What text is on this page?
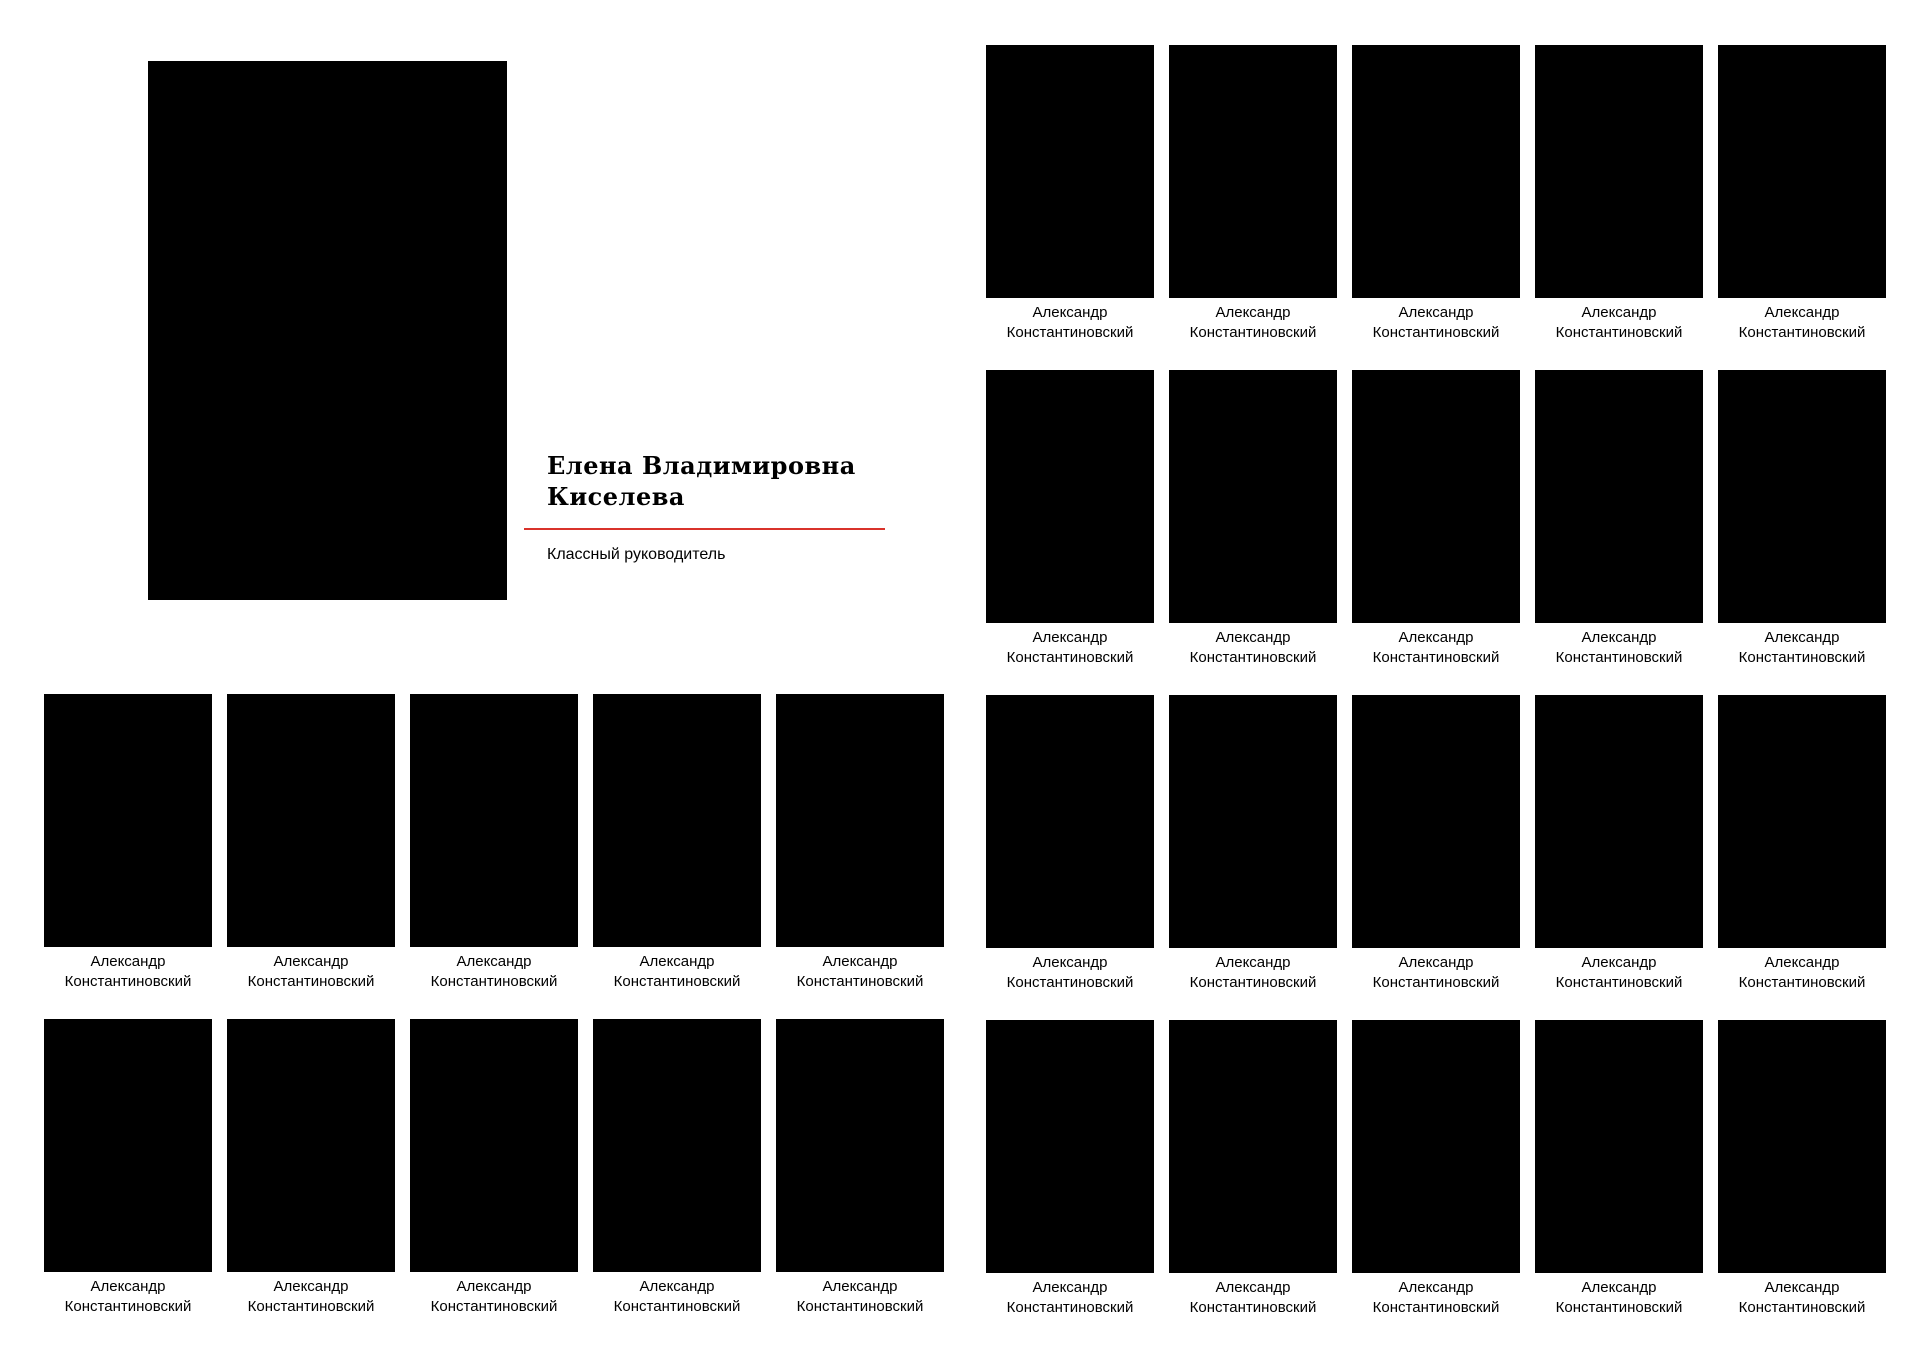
Елена Владимировна
Киселева
Классный руководитель
Александр
Константиновский
Александр
Константиновский
Александр
Константиновский
Александр
Константиновский
Александр
Константиновский
Александр
Константиновский
Александр
Константиновский
Александр
Константиновский
Александр
Константиновский
Александр
Константиновский
Александр
Константиновский
Александр
Константиновский
Александр
Константиновский
Александр
Константиновский
Александр
Константиновский
Александр
Константиновский
Александр
Константиновский
Александр
Константиновский
Александр
Константиновский
Александр
Константиновский
Александр
Константиновский
Александр
Константиновский
Александр
Константиновский
Александр
Константиновский
Александр
Константиновский
Александр
Константиновский
Александр
Константиновский
Александр
Константиновский
Александр
Константиновский
Александр
Константиновский
